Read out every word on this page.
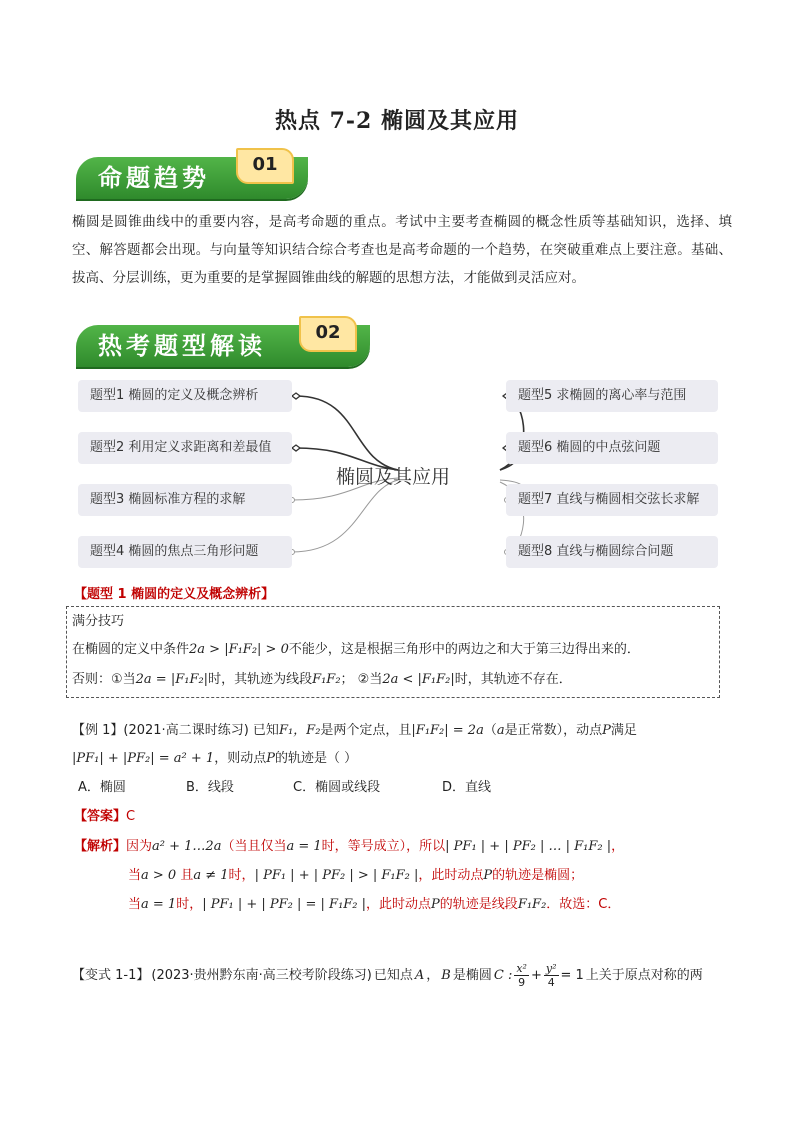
热点 7-2 椭圆及其应用
命题趋势	01
椭圆是圆锥曲线中的重要内容，是高考命题的重点。考试中主要考查椭圆的概念性质等基础知识，选择、填空、解答题都会出现。与向量等知识结合综合考查也是高考命题的一个趋势，在突破重难点上要注意。基础、拔高、分层训练，更为重要的是掌握圆锥曲线的解题的思想方法，才能做到灵活应对。
热考题型解读	02
椭圆及其应用
题型1 椭圆的定义及概念辨析
题型2 利用定义求距离和差最值
题型3 椭圆标准方程的求解
题型4 椭圆的焦点三角形问题
题型5 求椭圆的离心率与范围
题型6 椭圆的中点弦问题
题型7 直线与椭圆相交弦长求解
题型8 直线与椭圆综合问题
【题型 1 椭圆的定义及概念辨析】
满分技巧
在椭圆的定义中条件2a > |F₁F₂| > 0不能少，这是根据三角形中的两边之和大于第三边得出来的．
否则：①当2a = |F₁F₂|时，其轨迹为线段F₁F₂； ②当2a < |F₁F₂|时，其轨迹不存在．
【例 1】(2021·高二课时练习) 已知F₁，F₂是两个定点，且|F₁F₂| = 2a（a是正常数），动点P满足
|PF₁| + |PF₂| = a² + 1，则动点P的轨迹是（ ）
A．椭圆	B．线段	C．椭圆或线段	D．直线
【答案】C
【解析】因为a² + 1…2a（当且仅当a = 1时，等号成立），所以| PF₁ | + | PF₂ | … | F₁F₂ |，
当a > 0 且a ≠ 1时，| PF₁ | + | PF₂ | > | F₁F₂ |，此时动点P的轨迹是椭圆；
当a = 1时，| PF₁ | + | PF₂ | = | F₁F₂ |，此时动点P的轨迹是线段F₁F₂．故选：C．
【变式 1-1】 (2023·贵州黔东南·高三校考阶段练习) 已知点 A ， B 是椭圆 C : x²
$9 + \frac{\text{y²}}{4} = 1$ 上关于原点对称的两
